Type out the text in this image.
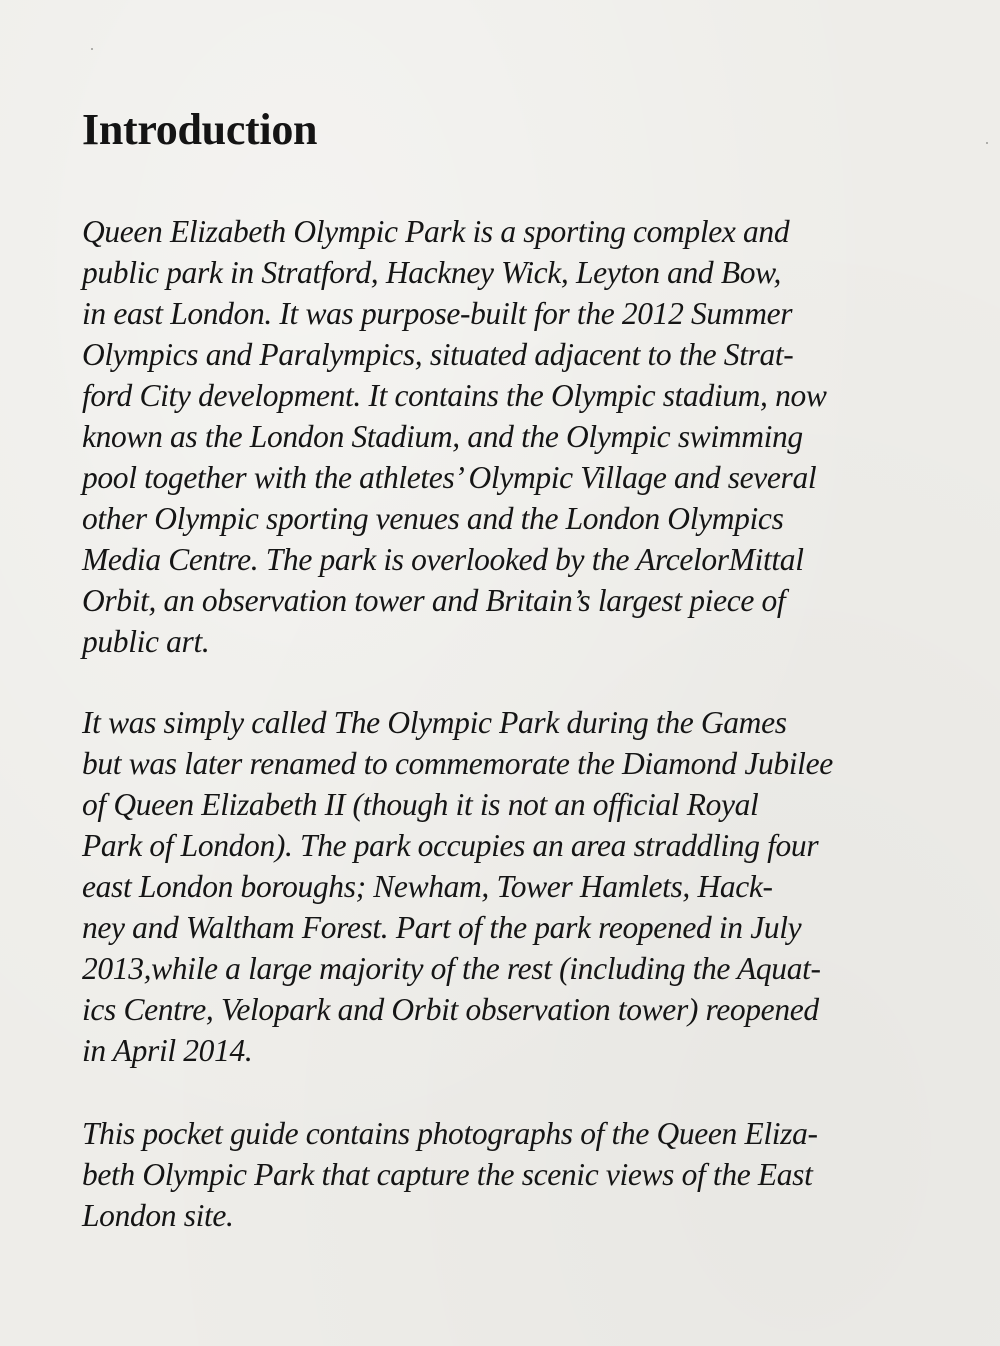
Introduction

Queen Elizabeth Olympic Park is a sporting complex and
public park in Stratford, Hackney Wick, Leyton and Bow,
in east London. It was purpose-built for the 2012 Summer
Olympics and Paralympics, situated adjacent to the Strat-
ford City development. It contains the Olympic stadium, now
known as the London Stadium, and the Olympic swimming
pool together with the athletes’ Olympic Village and several
other Olympic sporting venues and the London Olympics
Media Centre. The park is overlooked by the ArcelorMittal
Orbit, an observation tower and Britain’s largest piece of
public art.

It was simply called The Olympic Park during the Games
but was later renamed to commemorate the Diamond Jubilee
of Queen Elizabeth II (though it is not an official Royal
Park of London). The park occupies an area straddling four
east London boroughs; Newham, Tower Hamlets, Hack-
ney and Waltham Forest. Part of the park reopened in July
2013,while a large majority of the rest (including the Aquat-
ics Centre, Velopark and Orbit observation tower) reopened
in April 2014.

This pocket guide contains photographs of the Queen Eliza-
beth Olympic Park that capture the scenic views of the East
London site.
